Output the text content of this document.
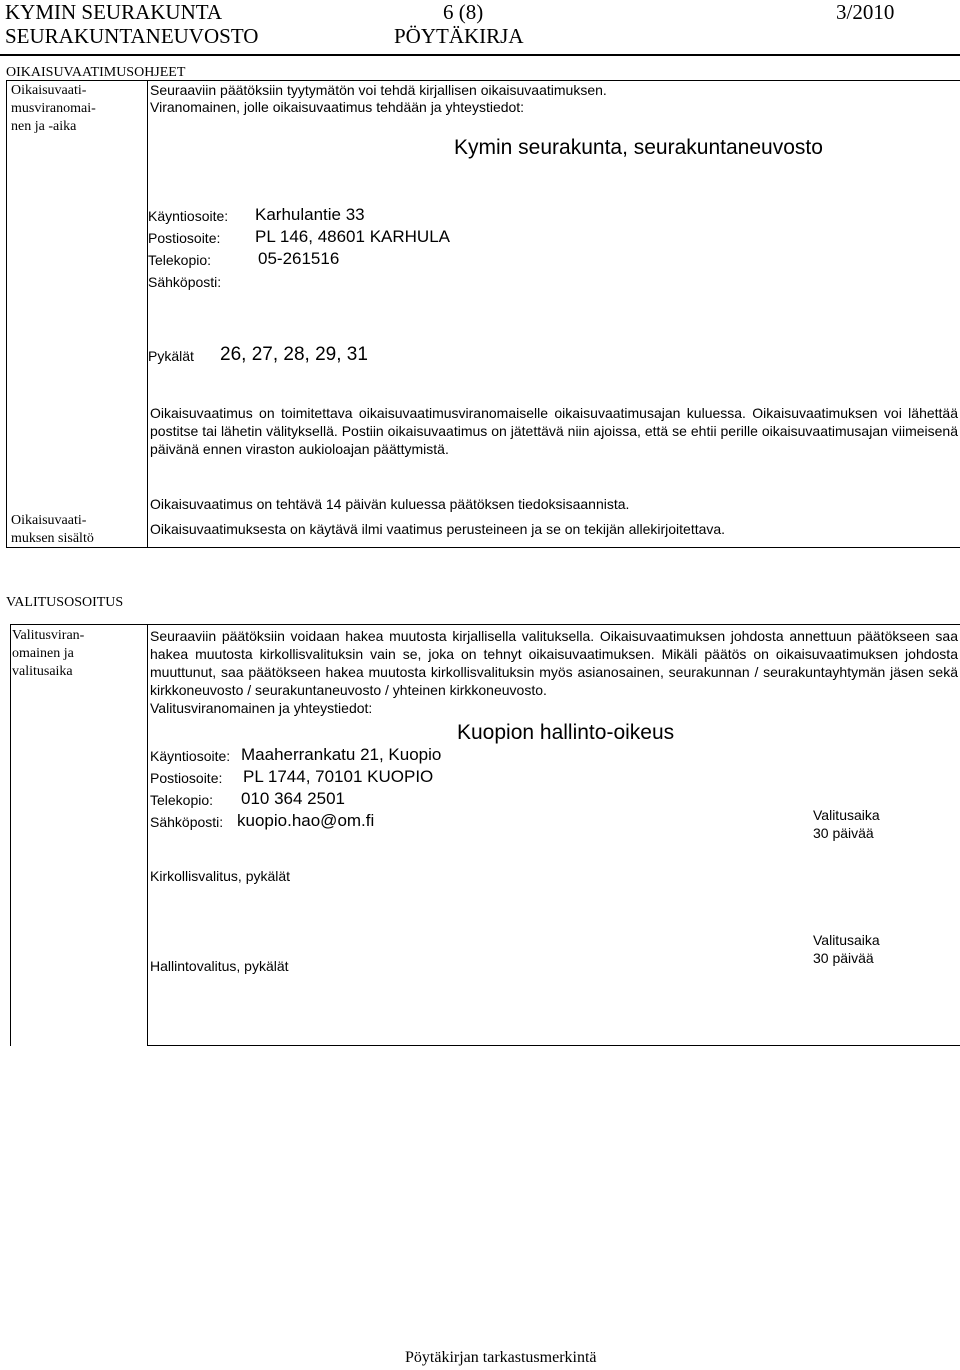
KYMIN SEURAKUNTA	6 (8)	3/2010
SEURAKUNTANEUVOSTO	PÖYTÄKIRJA
OIKAISUVAATIMUSOHJEET
Oikaisuvaati-
musviranomai-
nen ja -aika
Seuraaviin päätöksiin tyytymätön voi tehdä kirjallisen oikaisuvaatimuksen.
Viranomainen, jolle oikaisuvaatimus tehdään ja yhteystiedot:
Kymin seurakunta, seurakuntaneuvosto
Käyntiosoite: Karhulantie 33
Postiosoite: PL 146, 48601 KARHULA
Telekopio:	05-261516
Sähköposti:
Pykälät 26, 27, 28, 29, 31
Oikaisuvaatimus on toimitettava oikaisuvaatimusviranomaiselle oikaisuvaatimusajan kuluessa. Oikaisuvaatimuksen voi lähettää postitse tai lähetin välityksellä. Postiin oikaisuvaatimus on jätettävä niin ajoissa, että se ehtii perille oikaisuvaatimusajan viimeisenä päivänä ennen viraston aukioloajan päättymistä.
Oikaisuvaati-
muksen sisältö
Oikaisuvaatimus on tehtävä 14 päivän kuluessa päätöksen tiedoksisaannista.
Oikaisuvaatimuksesta on käytävä ilmi vaatimus perusteineen ja se on tekijän allekirjoitettava.
VALITUSOSOITUS
Valitusviran-
omainen ja
valitusaika
Seuraaviin päätöksiin voidaan hakea muutosta kirjallisella valituksella. Oikaisuvaatimuksen johdosta annettuun päätökseen saa hakea muutosta kirkollisvalituksin vain se, joka on tehnyt oikaisuvaatimuksen. Mikäli päätös on oikaisuvaatimuksen johdosta muuttunut, saa päätökseen hakea muutosta kirkollisvalituksin myös asianosainen, seurakunnan / seurakuntayhtymän jäsen sekä kirkkoneuvosto / seurakuntaneuvosto / yhteinen kirkkoneuvosto.
Valitusviranomainen ja yhteystiedot:
Kuopion hallinto-oikeus
Käyntiosoite: Maaherrankatu 21, Kuopio
Postiosoite: PL 1744, 70101 KUOPIO
Telekopio: 010 364 2501
Sähköposti: kuopio.hao@om.fi	Valitusaika
30 päivää
Kirkollisvalitus, pykälät
Valitusaika
30 päivää
Hallintovalitus, pykälät
Pöytäkirjan tarkastusmerkintä
